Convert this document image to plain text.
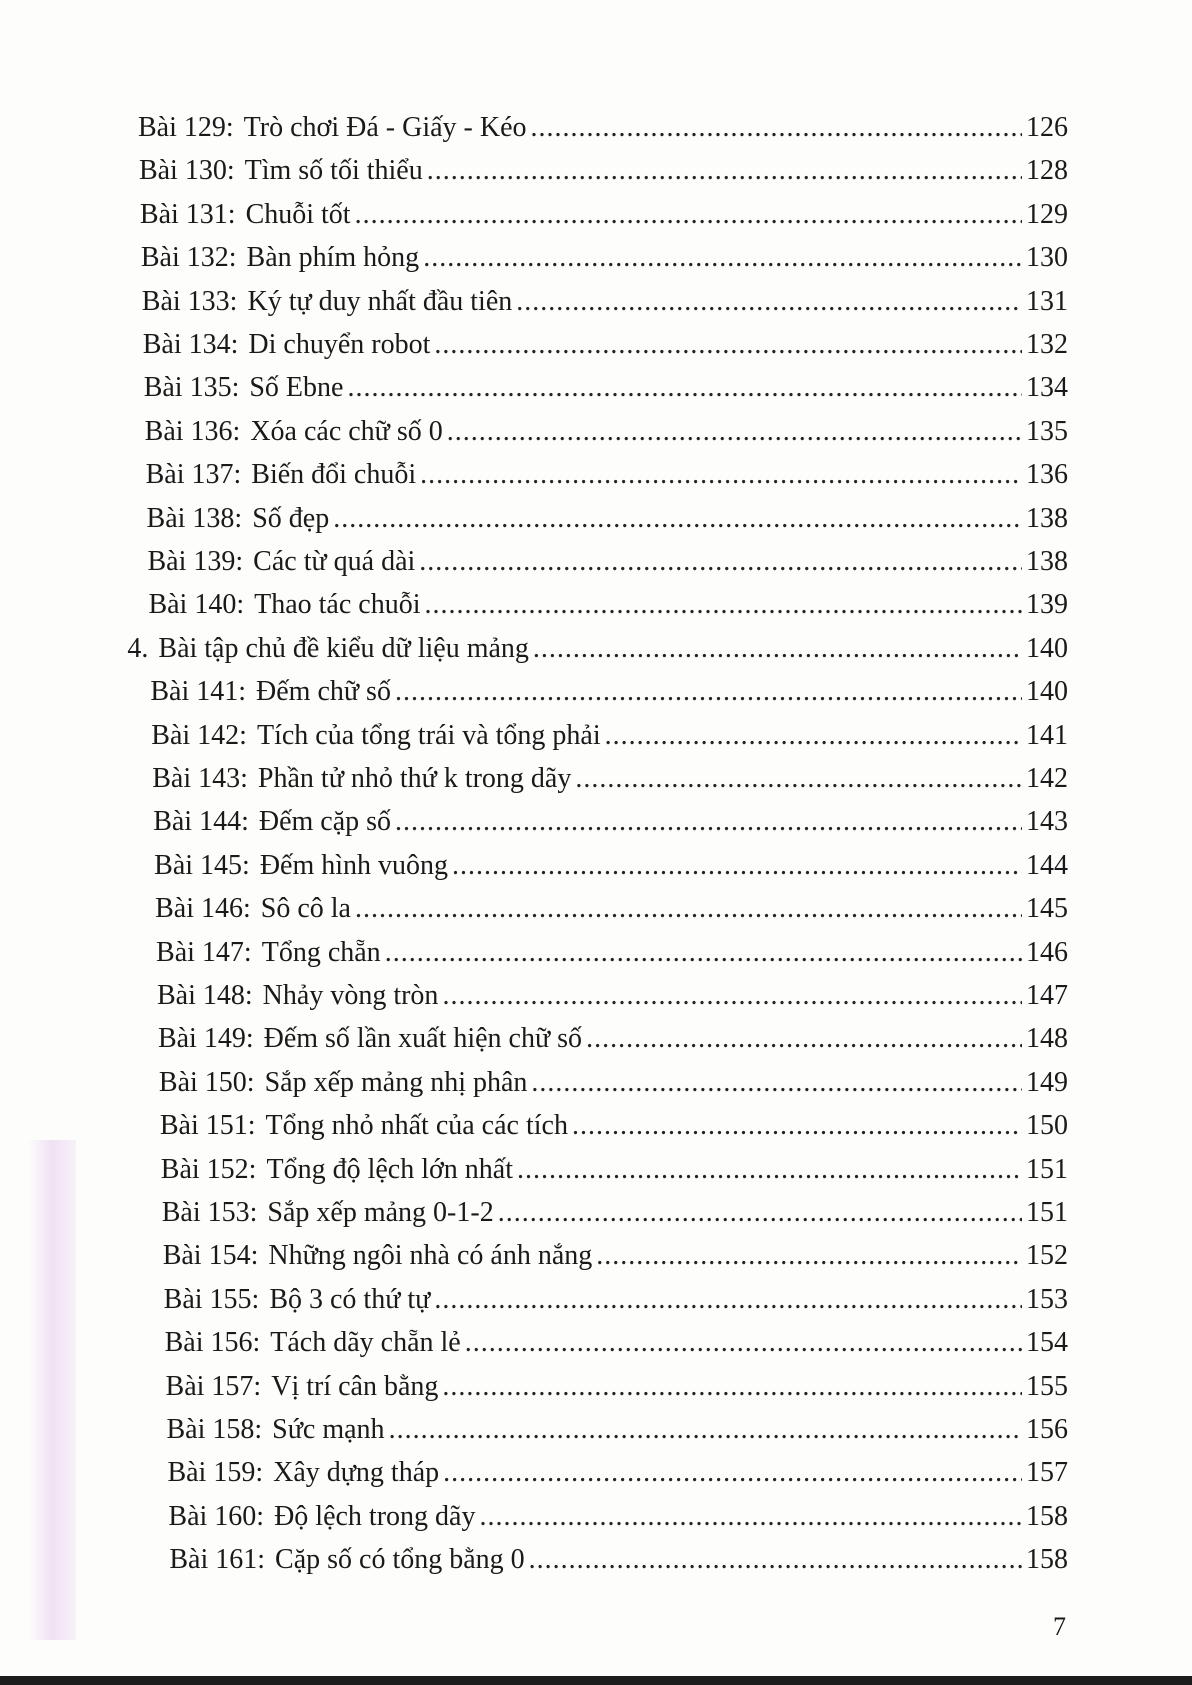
Bài 129: Trò chơi Đá - Giấy - Kéo .....	126
Bài 130: Tìm số tối thiểu .....	128
Bài 131: Chuỗi tốt .....	129
Bài 132: Bàn phím hỏng .....	130
Bài 133: Ký tự duy nhất đầu tiên .....	131
Bài 134: Di chuyển robot .....	132
Bài 135: Số Ebne .....	134
Bài 136: Xóa các chữ số 0 .....	135
Bài 137: Biến đổi chuỗi .....	136
Bài 138: Số đẹp .....	138
Bài 139: Các từ quá dài .....	138
Bài 140: Thao tác chuỗi .....	139
4. Bài tập chủ đề kiểu dữ liệu mảng .....	140
Bài 141: Đếm chữ số .....	140
Bài 142: Tích của tổng trái và tổng phải .....	141
Bài 143: Phần tử nhỏ thứ k trong dãy .....	142
Bài 144: Đếm cặp số .....	143
Bài 145: Đếm hình vuông .....	144
Bài 146: Sô cô la .....	145
Bài 147: Tổng chẵn .....	146
Bài 148: Nhảy vòng tròn .....	147
Bài 149: Đếm số lần xuất hiện chữ số .....	148
Bài 150: Sắp xếp mảng nhị phân .....	149
Bài 151: Tổng nhỏ nhất của các tích .....	150
Bài 152: Tổng độ lệch lớn nhất .....	151
Bài 153: Sắp xếp mảng 0-1-2 .....	151
Bài 154: Những ngôi nhà có ánh nắng .....	152
Bài 155: Bộ 3 có thứ tự .....	153
Bài 156: Tách dãy chẵn lẻ .....	154
Bài 157: Vị trí cân bằng .....	155
Bài 158: Sức mạnh .....	156
Bài 159: Xây dựng tháp .....	157
Bài 160: Độ lệch trong dãy .....	158
Bài 161: Cặp số có tổng bằng 0 .....	158
7
